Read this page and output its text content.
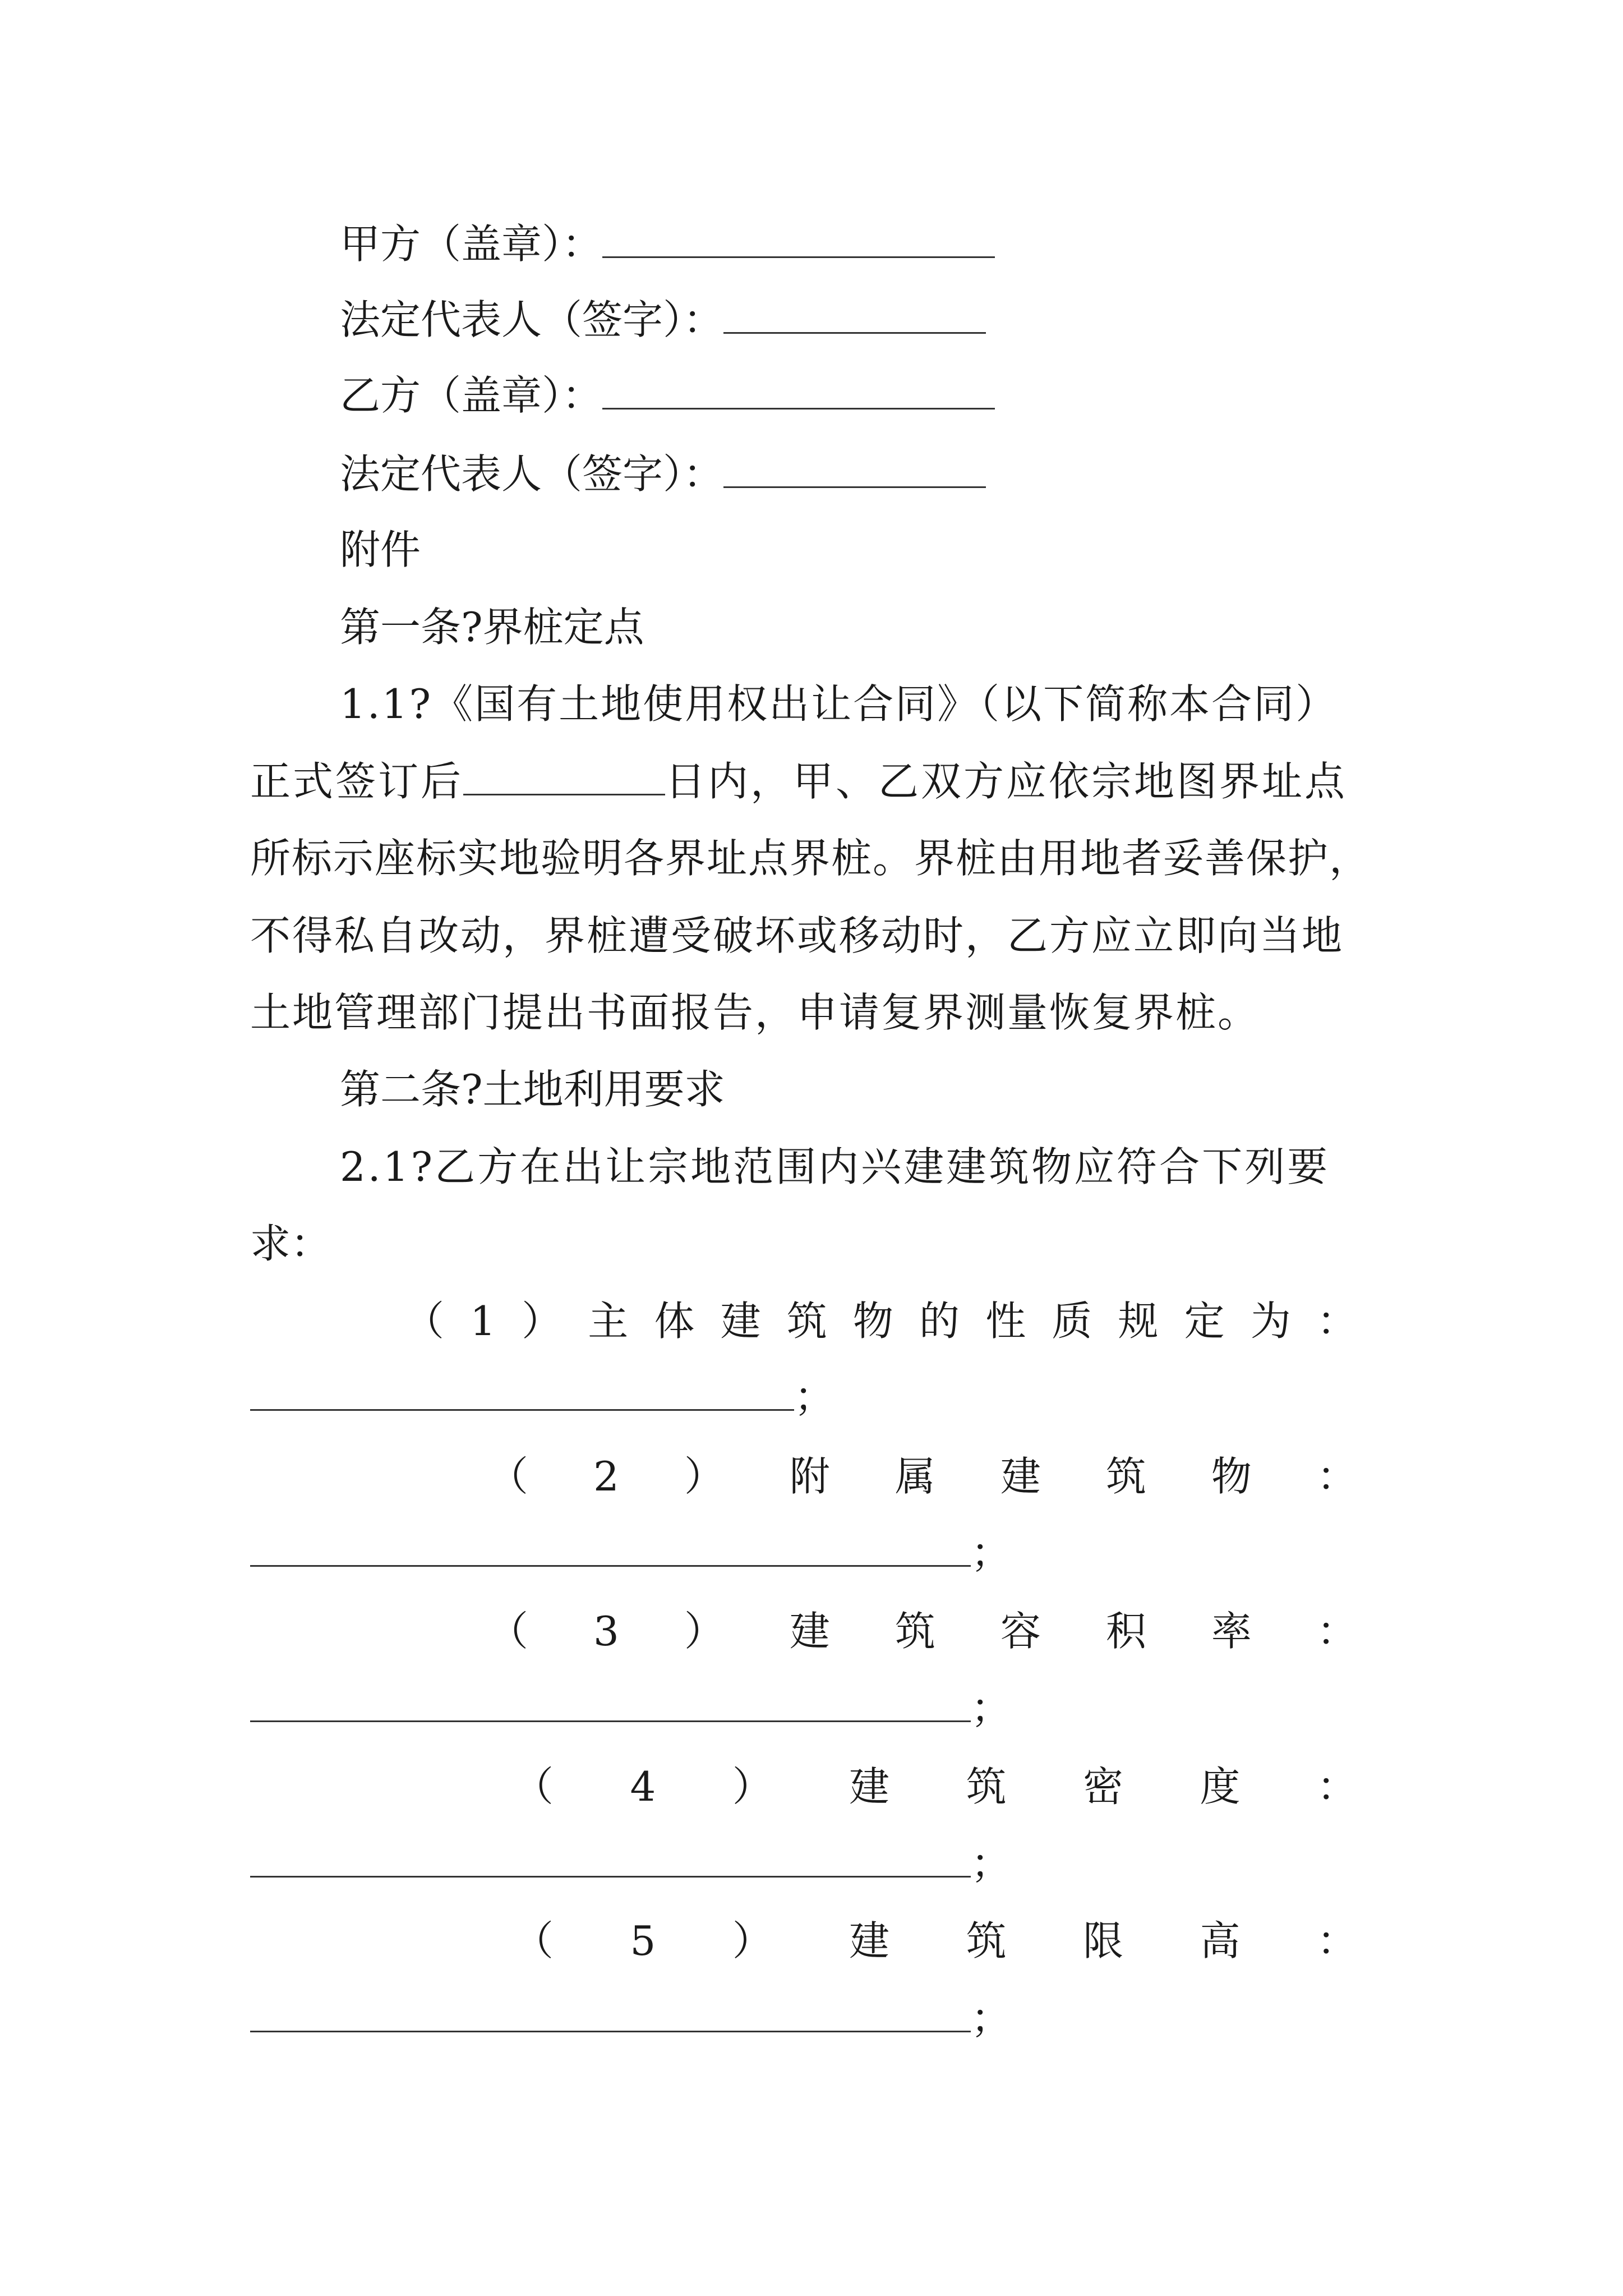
甲方（盖章）：
法定代表人（签字）：
乙方（盖章）：
法定代表人（签字）：
附件
第一条?界桩定点
1.1?《国有土地使用权出让合同》（以下简称本合同）
正式签订后	日内，甲、乙双方应依宗地图界址点
所标示座标实地验明各界址点界桩。界桩由用地者妥善保护，
不得私自改动，界桩遭受破坏或移动时，乙方应立即向当地
土地管理部门提出书面报告，申请复界测量恢复界桩。
第二条?土地利用要求
2.1?乙方在出让宗地范围内兴建建筑物应符合下列要
求：
（ 1 ） 主 体 建 筑 物 的 性 质 规 定 为 ：
；
（ 2 ） 附 属 建 筑 物 ：
；
（ 3 ） 建 筑 容 积 率 ：
；
（ 4 ） 建 筑 密 度 ：
；
（ 5 ） 建 筑 限 高 ：
；
